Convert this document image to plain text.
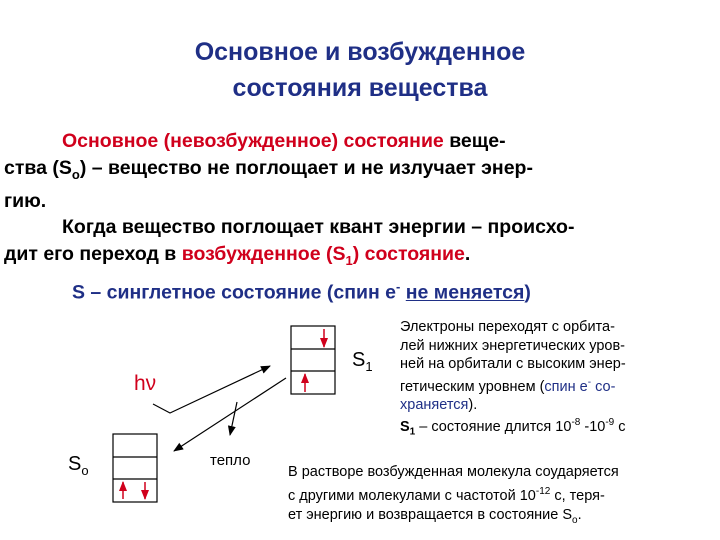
Основное и возбужденное
состояния вещества
Основное (невозбужденное) состояние веще-
ства $(S_o)$ – вещество не поглощает и не излучает энер-
гию.
Когда вещество поглощает квант энергии – происхо-
дит его переход в возбужденное $(S_1)$ состояние.
S – синглетное состояние (спин е- не меняется)
hν
$S_1$
$S_o$
тепло
Электроны переходят с орбита-
лей нижних энергетических уров-
ней на орбитали с высоким энер-
гетическим уровнем (спин е- со-
храняется).
$S_1$ – состояние длится $10^{-8}$ $-10^{-9}$ с
В растворе возбужденная молекула соударяется
с другими молекулами с частотой $10^{-12}$ с, теря-
ет энергию и возвращается в состояние $S_o$.
